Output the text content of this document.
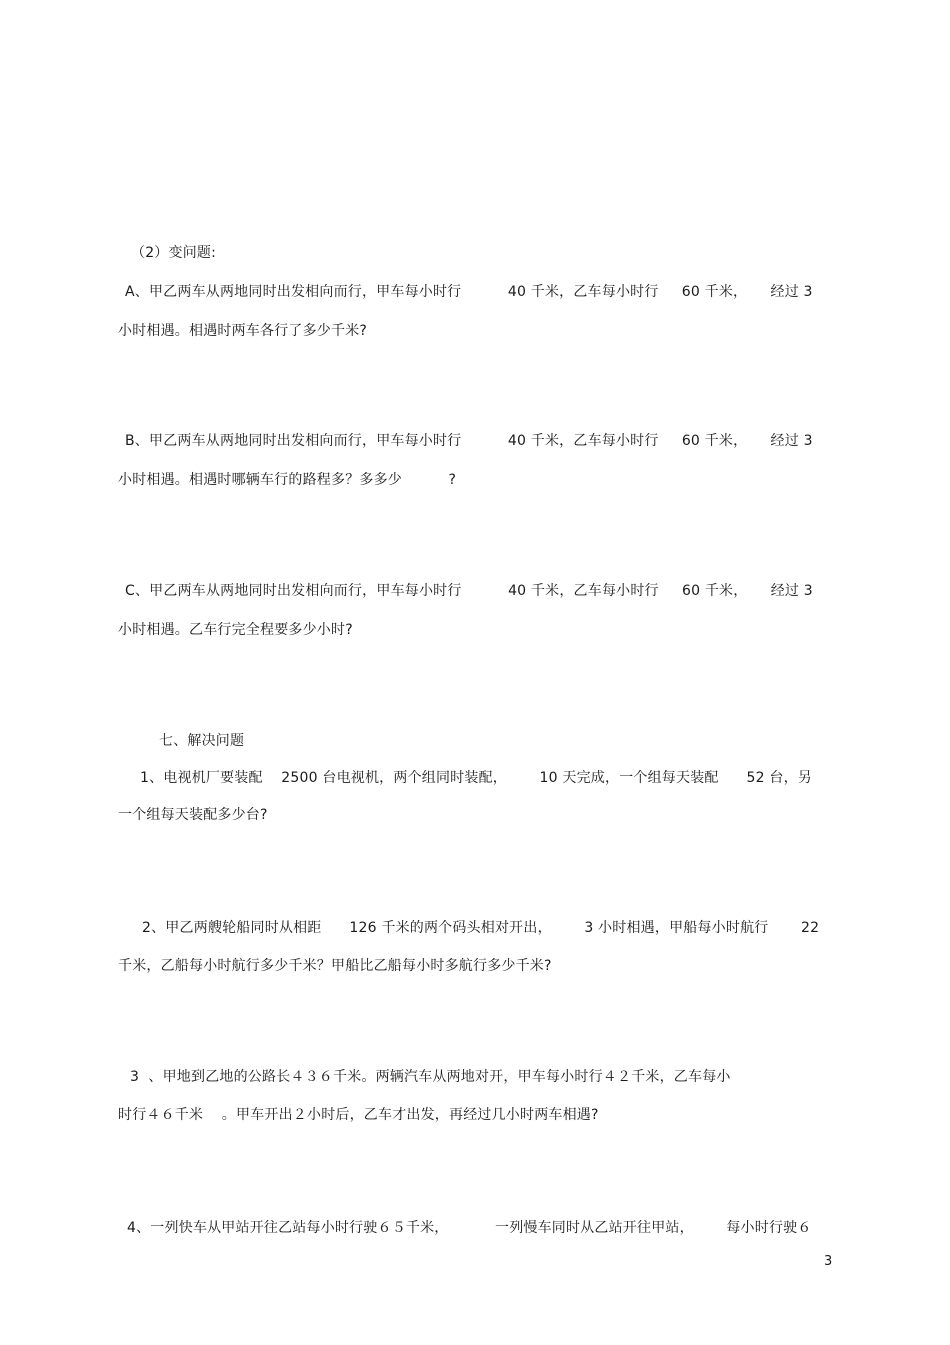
（2）变问题:
A、甲乙两车从两地同时出发相向而行，甲车每小时行          40 千米，乙车每小时行     60 千米，     经过 3
小时相遇。相遇时两车各行了多少千米?
B、甲乙两车从两地同时出发相向而行，甲车每小时行          40 千米，乙车每小时行     60 千米，     经过 3
小时相遇。相遇时哪辆车行的路程多？多多少          ?
C、甲乙两车从两地同时出发相向而行，甲车每小时行          40 千米，乙车每小时行     60 千米，     经过 3
小时相遇。乙车行完全程要多少小时?
七、解决问题
1、电视机厂要装配    2500 台电视机，两个组同时装配，       10 天完成，一个组每天装配      52 台，另
一个组每天装配多少台?
2、甲乙两艘轮船同时从相距      126 千米的两个码头相对开出，       3 小时相遇，甲船每小时航行       22
千米，乙船每小时航行多少千米？甲船比乙船每小时多航行多少千米?
3  、甲地到乙地的公路长４３６千米。两辆汽车从两地对开，甲车每小时行４２千米，乙车每小
时行４６千米    。甲车开出２小时后，乙车才出发，再经过几小时两车相遇?
4、一列快车从甲站开往乙站每小时行驶６５千米，          一列慢车同时从乙站开往甲站，       每小时行驶６
3
